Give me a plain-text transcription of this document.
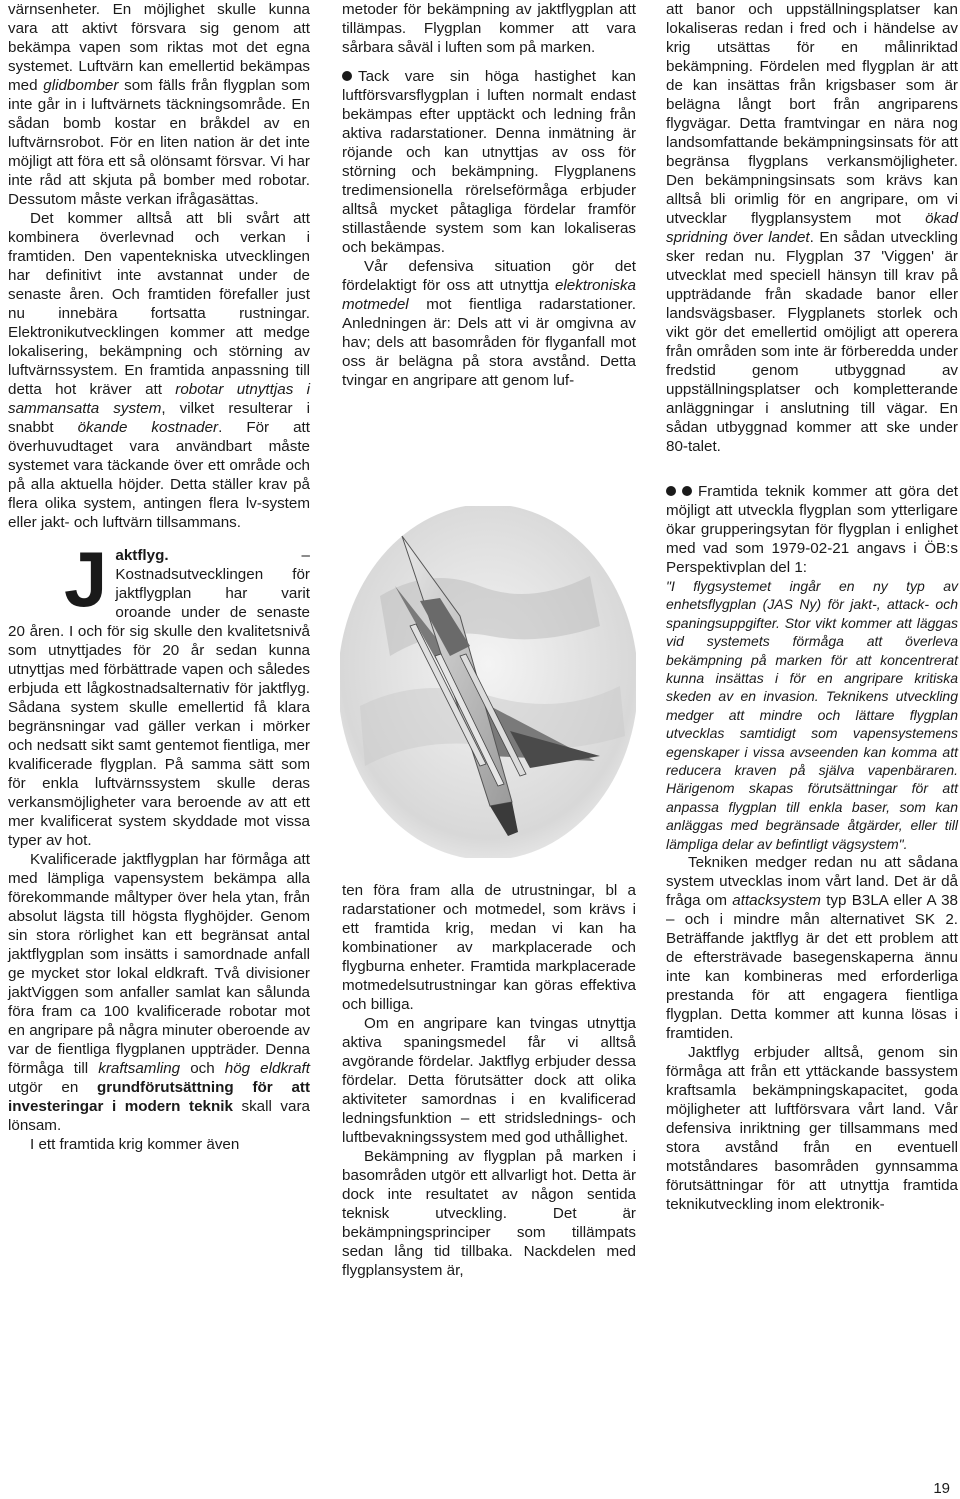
värnsenheter. En möjlighet skulle kunna vara att aktivt försvara sig genom att bekämpa vapen som riktas mot det egna systemet. Luftvärn kan emellertid bekämpas med glidbomber som fälls från flygplan som inte går in i luftvärnets täckningsområde. En sådan bomb kostar en bråkdel av en luftvärnsrobot. För en liten nation är det inte möjligt att föra ett så olönsamt försvar. Vi har inte råd att skjuta på bomber med robotar. Dessutom måste verkan ifrågasättas.

Det kommer alltså att bli svårt att kombinera överlevnad och verkan i framtiden. Den vapentekniska utvecklingen har definitivt inte avstannat under de senaste åren. Och framtiden förefaller just nu innebära fortsatta rustningar. Elektronikutvecklingen kommer att medge lokalisering, bekämpning och störning av luftvärnssystem. En framtida anpassning till detta hot kräver att robotar utnyttjas i sammansatta system, vilket resulterar i snabbt ökande kostnader. För att överhuvudtaget vara användbart måste systemet vara täckande över ett område och på alla aktuella höjder. Detta ställer krav på flera olika system, antingen flera lv-system eller jakt- och luftvärn tillsammans.

J aktflyg. – Kostnadsutvecklingen för jaktflygplan har varit oroande under de senaste 20 åren. I och för sig skulle den kvalitetsnivå som utnyttjades för 20 år sedan kunna utnyttjas med förbättrade vapen och således erbjuda ett lågkostnadsalternativ för jaktflyg. Sådana system skulle emellertid få klara begränsningar vad gäller verkan i mörker och nedsatt sikt samt gentemot fientliga, mer kvalificerade flygplan. På samma sätt som för enkla luftvärnssystem skulle deras verkansmöjligheter vara beroende av att ett mer kvalificerat system skyddade mot vissa typer av hot.

Kvalificerade jaktflygplan har förmåga att med lämpliga vapensystem bekämpa alla förekommande måltyper över hela ytan, från absolut lägsta till högsta flyghöjder. Genom sin stora rörlighet kan ett begränsat antal jaktflygplan som insätts i samordnade anfall ge mycket stor lokal eldkraft. Två divisioner jaktViggen som anfaller samlat kan sålunda föra fram ca 100 kvalificerade robotar mot en angripare på några minuter oberoende av var de fientliga flygplanen uppträder. Denna förmåga till kraftsamling och hög eldkraft utgör en grundförutsättning för att investeringar i modern teknik skall vara lönsam.

I ett framtida krig kommer även

metoder för bekämpning av jaktflygplan att tillämpas. Flygplan kommer att vara sårbara såväl i luften som på marken.

Tack vare sin höga hastighet kan luftförsvarsflygplan i luften normalt endast bekämpas efter upptäckt och ledning från aktiva radarstationer. Denna inmätning är röjande och kan utnyttjas av oss för störning och bekämpning. Flygplanens tredimensionella rörelseförmåga erbjuder alltså mycket påtagliga fördelar framför stillastående system som kan lokaliseras och bekämpas.

Vår defensiva situation gör det fördelaktigt för oss att utnyttja elektroniska motmedel mot fientliga radarstationer. Anledningen är: Dels att vi är omgivna av hav; dels att basområden för flyganfall mot oss är belägna på stora avstånd. Detta tvingar en angripare att genom luf-

ten föra fram alla de utrustningar, bl a radarstationer och motmedel, som krävs i ett framtida krig, medan vi kan ha kombinationer av markplacerade och flygburna enheter. Framtida markplacerade motmedelsutrustningar kan göras effektiva och billiga.

Om en angripare kan tvingas utnyttja aktiva spaningsmedel får vi alltså avgörande fördelar. Jaktflyg erbjuder dessa fördelar. Detta förutsätter dock att olika aktiviteter samordnas i en kvalificerad ledningsfunktion – ett stridslednings- och luftbevakningssystem med god uthållighet.

Bekämpning av flygplan på marken i basområden utgör ett allvarligt hot. Detta är dock inte resultatet av någon sentida teknisk utveckling. Det är bekämpningsprinciper som tillämpats sedan lång tid tillbaka. Nackdelen med flygplansystem är,

att banor och uppställningsplatser kan lokaliseras redan i fred och i händelse av krig utsättas för en målinriktad bekämpning. Fördelen med flygplan är att de kan insättas från krigsbaser som är belägna långt bort från angriparens flygvägar. Detta framtvingar en nära nog landsomfattande bekämpningsinsats för att begränsa flygplans verkansmöjligheter. Den bekämpningsinsats som krävs kan alltså bli orimlig för en angripare, om vi utvecklar flygplansystem mot ökad spridning över landet. En sådan utveckling sker redan nu. Flygplan 37 'Viggen' är utvecklat med speciell hänsyn till krav på uppträdande från skadade banor eller landsvägsbaser. Flygplanets storlek och vikt gör det emellertid omöjligt att operera från områden som inte är förberedda under fredstid genom utbyggnad av uppställningsplatser och kompletterande anläggningar i anslutning till vägar. En sådan utbyggnad kommer att ske under 80-talet.

Framtida teknik kommer att göra det möjligt att utveckla flygplan som ytterligare ökar grupperingsytan för flygplan i enlighet med vad som 1979-02-21 angavs i ÖB:s Perspektivplan del 1:

"I flygsystemet ingår en ny typ av enhetsflygplan (JAS Ny) för jakt-, attack- och spaningsuppgifter. Stor vikt kommer att läggas vid systemets förmåga att överleva bekämpning på marken för att koncentrerat kunna insättas i för en angripare kritiska skeden av en invasion. Teknikens utveckling medger att mindre och lättare flygplan utvecklas samtidigt som vapensystemens egenskaper i vissa avseenden kan komma att reducera kraven på själva vapenbäraren. Härigenom skapas förutsättningar för att anpassa flygplan till enkla baser, som kan anläggas med begränsade åtgärder, eller till lämpliga delar av befintligt vägsystem".

Tekniken medger redan nu att sådana system utvecklas inom vårt land. Det är då fråga om attacksystem typ B3LA eller A 38 – och i mindre mån alternativet SK 2. Beträffande jaktflyg är det ett problem att de eftersträvade basegenskaperna ännu inte kan kombineras med erforderliga prestanda för att engagera fientliga flygplan. Detta kommer att kunna lösas i framtiden.

Jaktflyg erbjuder alltså, genom sin förmåga att från ett yttäckande bassystem kraftsamla bekämpningskapacitet, goda möjligheter att luftförsvara vårt land. Vår defensiva inriktning ger tillsammans med stora avstånd från en eventuell motståndares basområden gynnsamma förutsättningar för att utnyttja framtida teknikutveckling inom elektronik-

19
